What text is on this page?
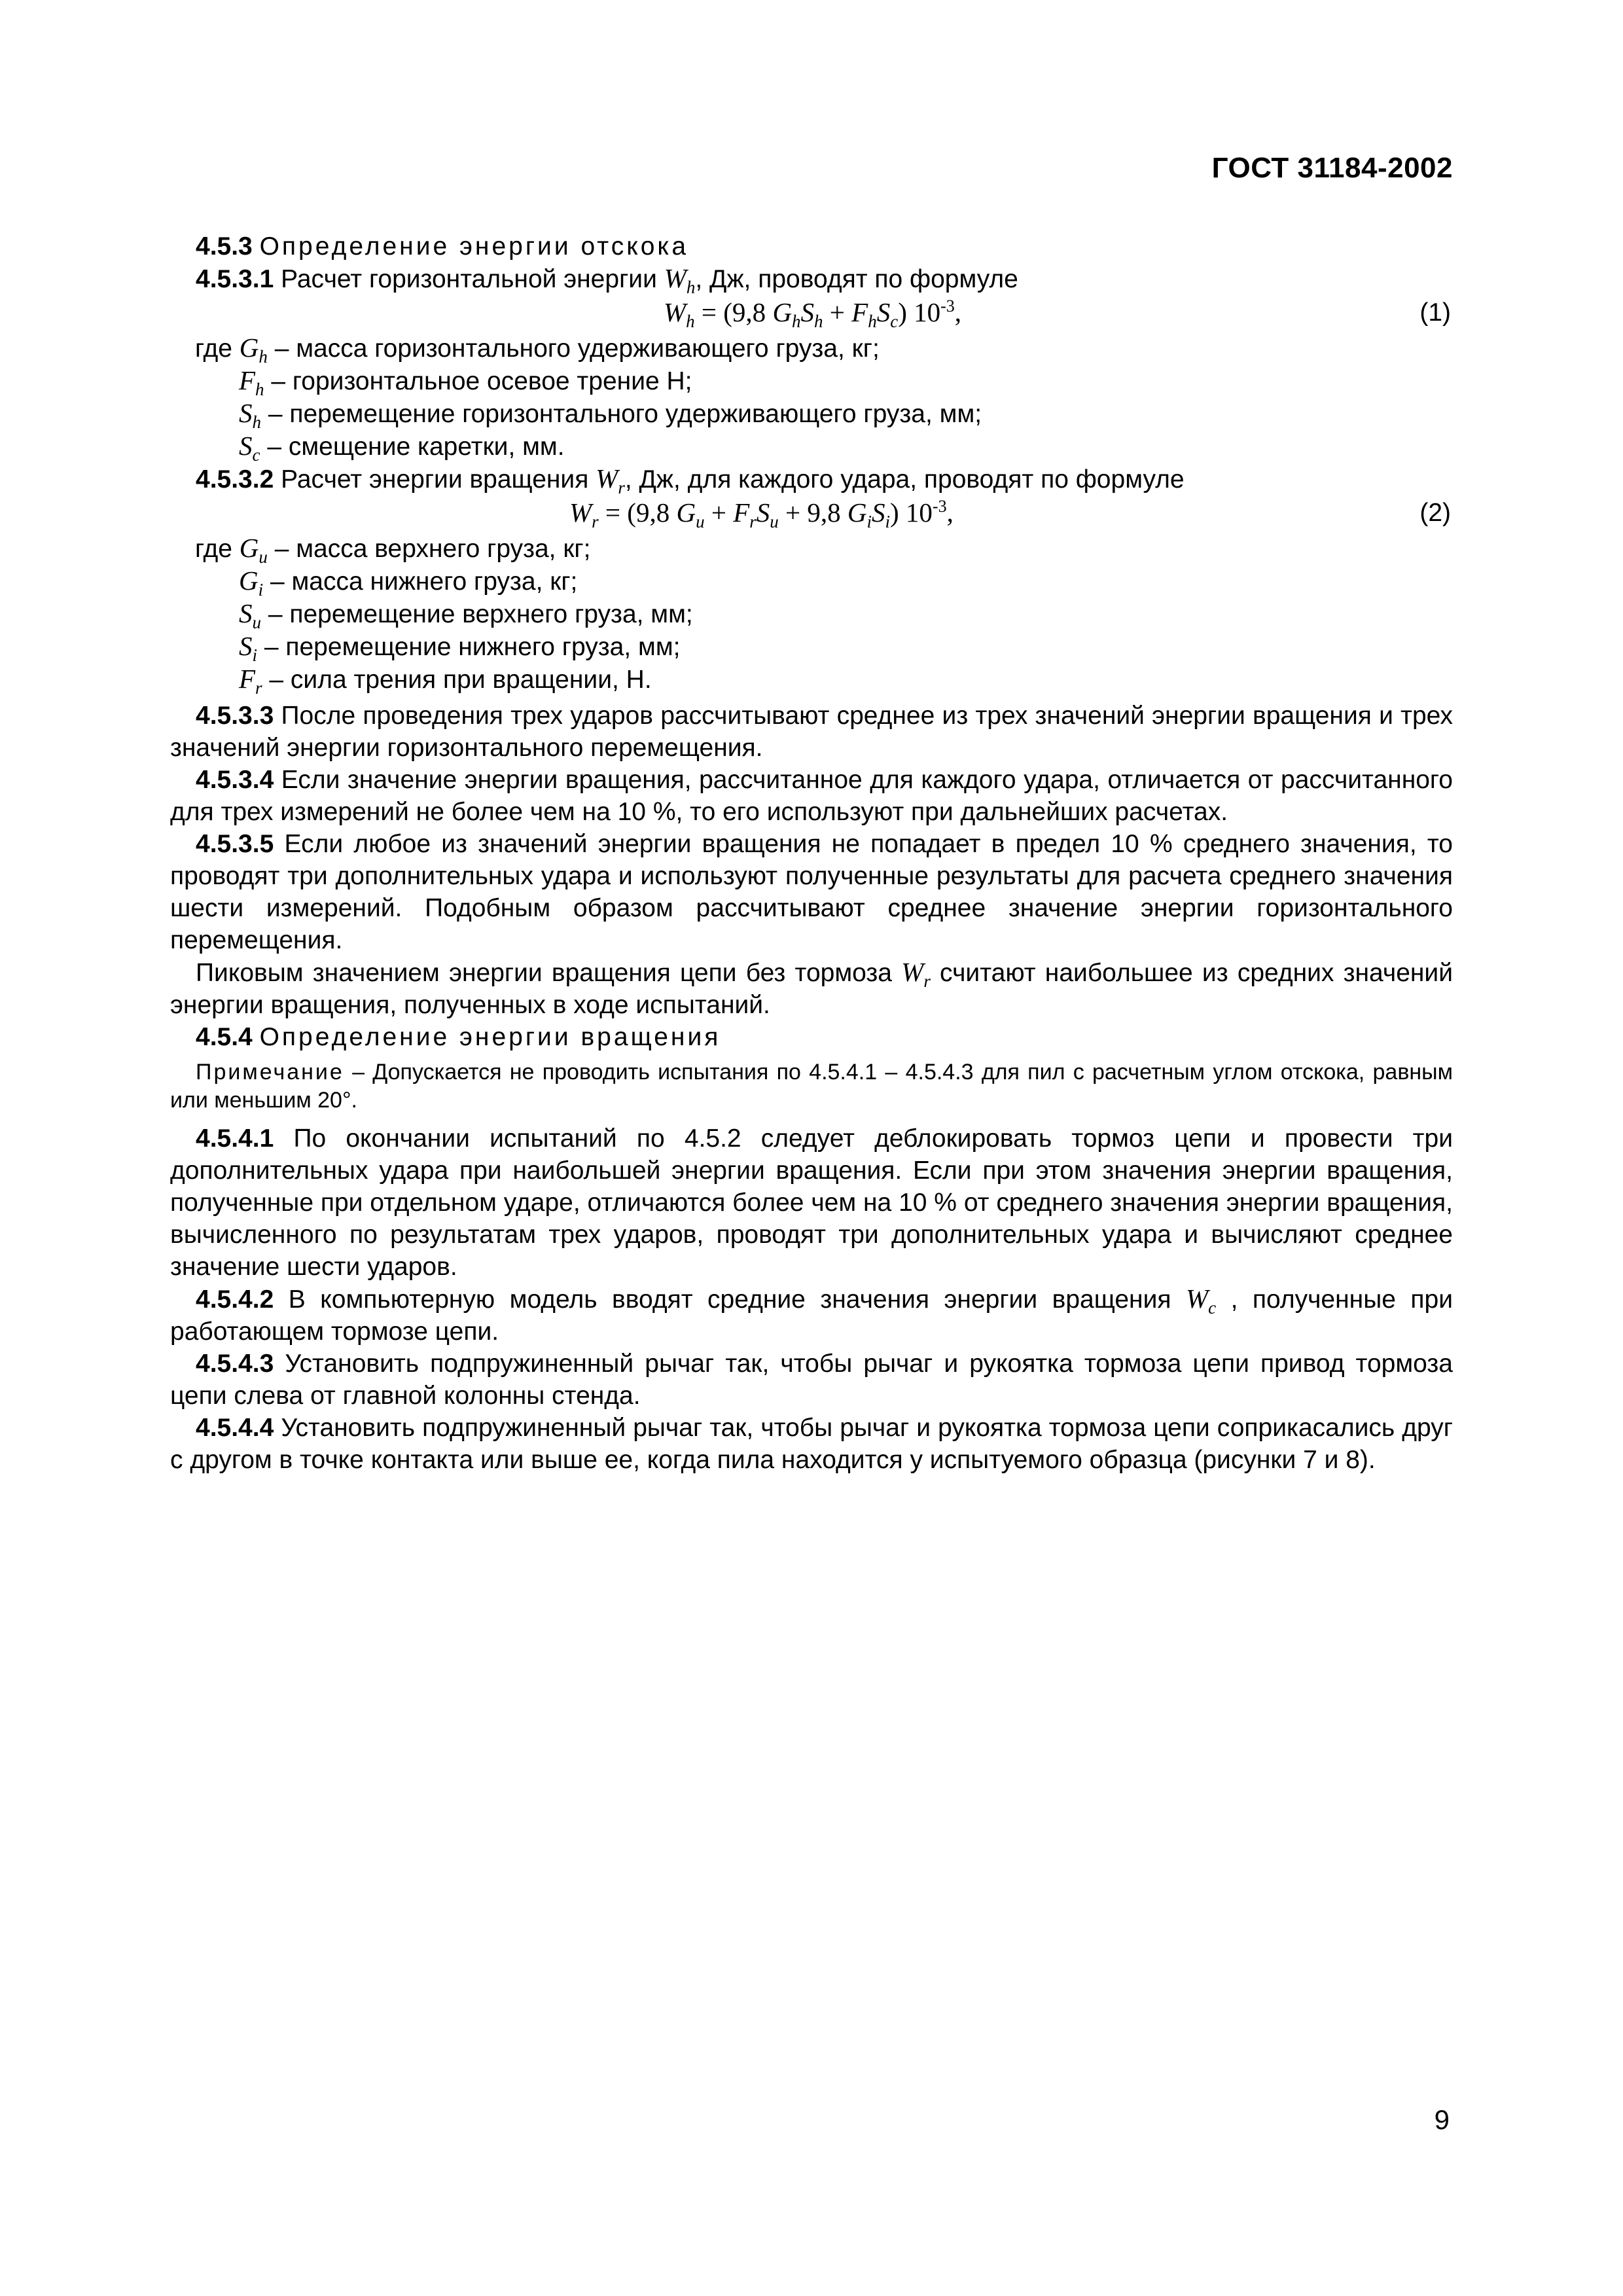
ГОСТ 31184-2002

4.5.3 Определение энергии отскока

4.5.3.1 Расчет горизонтальной энергии $W_h$, Дж, проводят по формуле

$W_h = (9,8$ $G_hS_h + F_hS_c$) $10^{-3}$,	(1)

где $G_h$ – масса горизонтального удерживающего груза, кг;

$F_h$ – горизонтальное осевое трение Н;

$S_h$ – перемещение горизонтального удерживающего груза, мм;

$S_c$ – смещение каретки, мм.

4.5.3.2 Расчет энергии вращения $W_r$, Дж, для каждого удара, проводят по формуле

$W_r = (9,8$ $G_u + F_rS_u + 9,8$ $G_iS_i$) $10^{-3}$,	(2)

где $G_u$ – масса верхнего груза, кг;

$G_i$ – масса нижнего груза, кг;

$S_u$ – перемещение верхнего груза, мм;

$S_i$ – перемещение нижнего груза, мм;

$F_r$ – сила трения при вращении, Н.

4.5.3.3 После проведения трех ударов рассчитывают среднее из трех значений энергии вращения и трех значений энергии горизонтального перемещения.

4.5.3.4 Если значение энергии вращения, рассчитанное для каждого удара, отличается от рассчитанного для трех измерений не более чем на 10 %, то его используют при дальнейших расчетах.

4.5.3.5 Если любое из значений энергии вращения не попадает в предел 10 % среднего значения, то проводят три дополнительных удара и используют полученные результаты для расчета среднего значения шести измерений. Подобным образом рассчитывают среднее значение энергии горизонтального перемещения.

Пиковым значением энергии вращения цепи без тормоза $W_r$ считают наибольшее из средних значений энергии вращения, полученных в ходе испытаний.

4.5.4 Определение энергии вращения

Примечание – Допускается не проводить испытания по 4.5.4.1 – 4.5.4.3 для пил с расчетным углом отскока, равным или меньшим 20°.

4.5.4.1 По окончании испытаний по 4.5.2 следует деблокировать тормоз цепи и провести три дополнительных удара при наибольшей энергии вращения. Если при этом значения энергии вращения, полученные при отдельном ударе, отличаются более чем на 10 % от среднего значения энергии вращения, вычисленного по результатам трех ударов, проводят три дополнительных удара и вычисляют среднее значение шести ударов.

4.5.4.2 В компьютерную модель вводят средние значения энергии вращения $W_c$ , полученные при работающем тормозе цепи.

4.5.4.3 Установить подпружиненный рычаг так, чтобы рычаг и рукоятка тормоза цепи привод тормоза цепи слева от главной колонны стенда.

4.5.4.4 Установить подпружиненный рычаг так, чтобы рычаг и рукоятка тормоза цепи соприкасались друг с другом в точке контакта или выше ее, когда пила находится у испытуемого образца (рисунки 7 и 8).

9
